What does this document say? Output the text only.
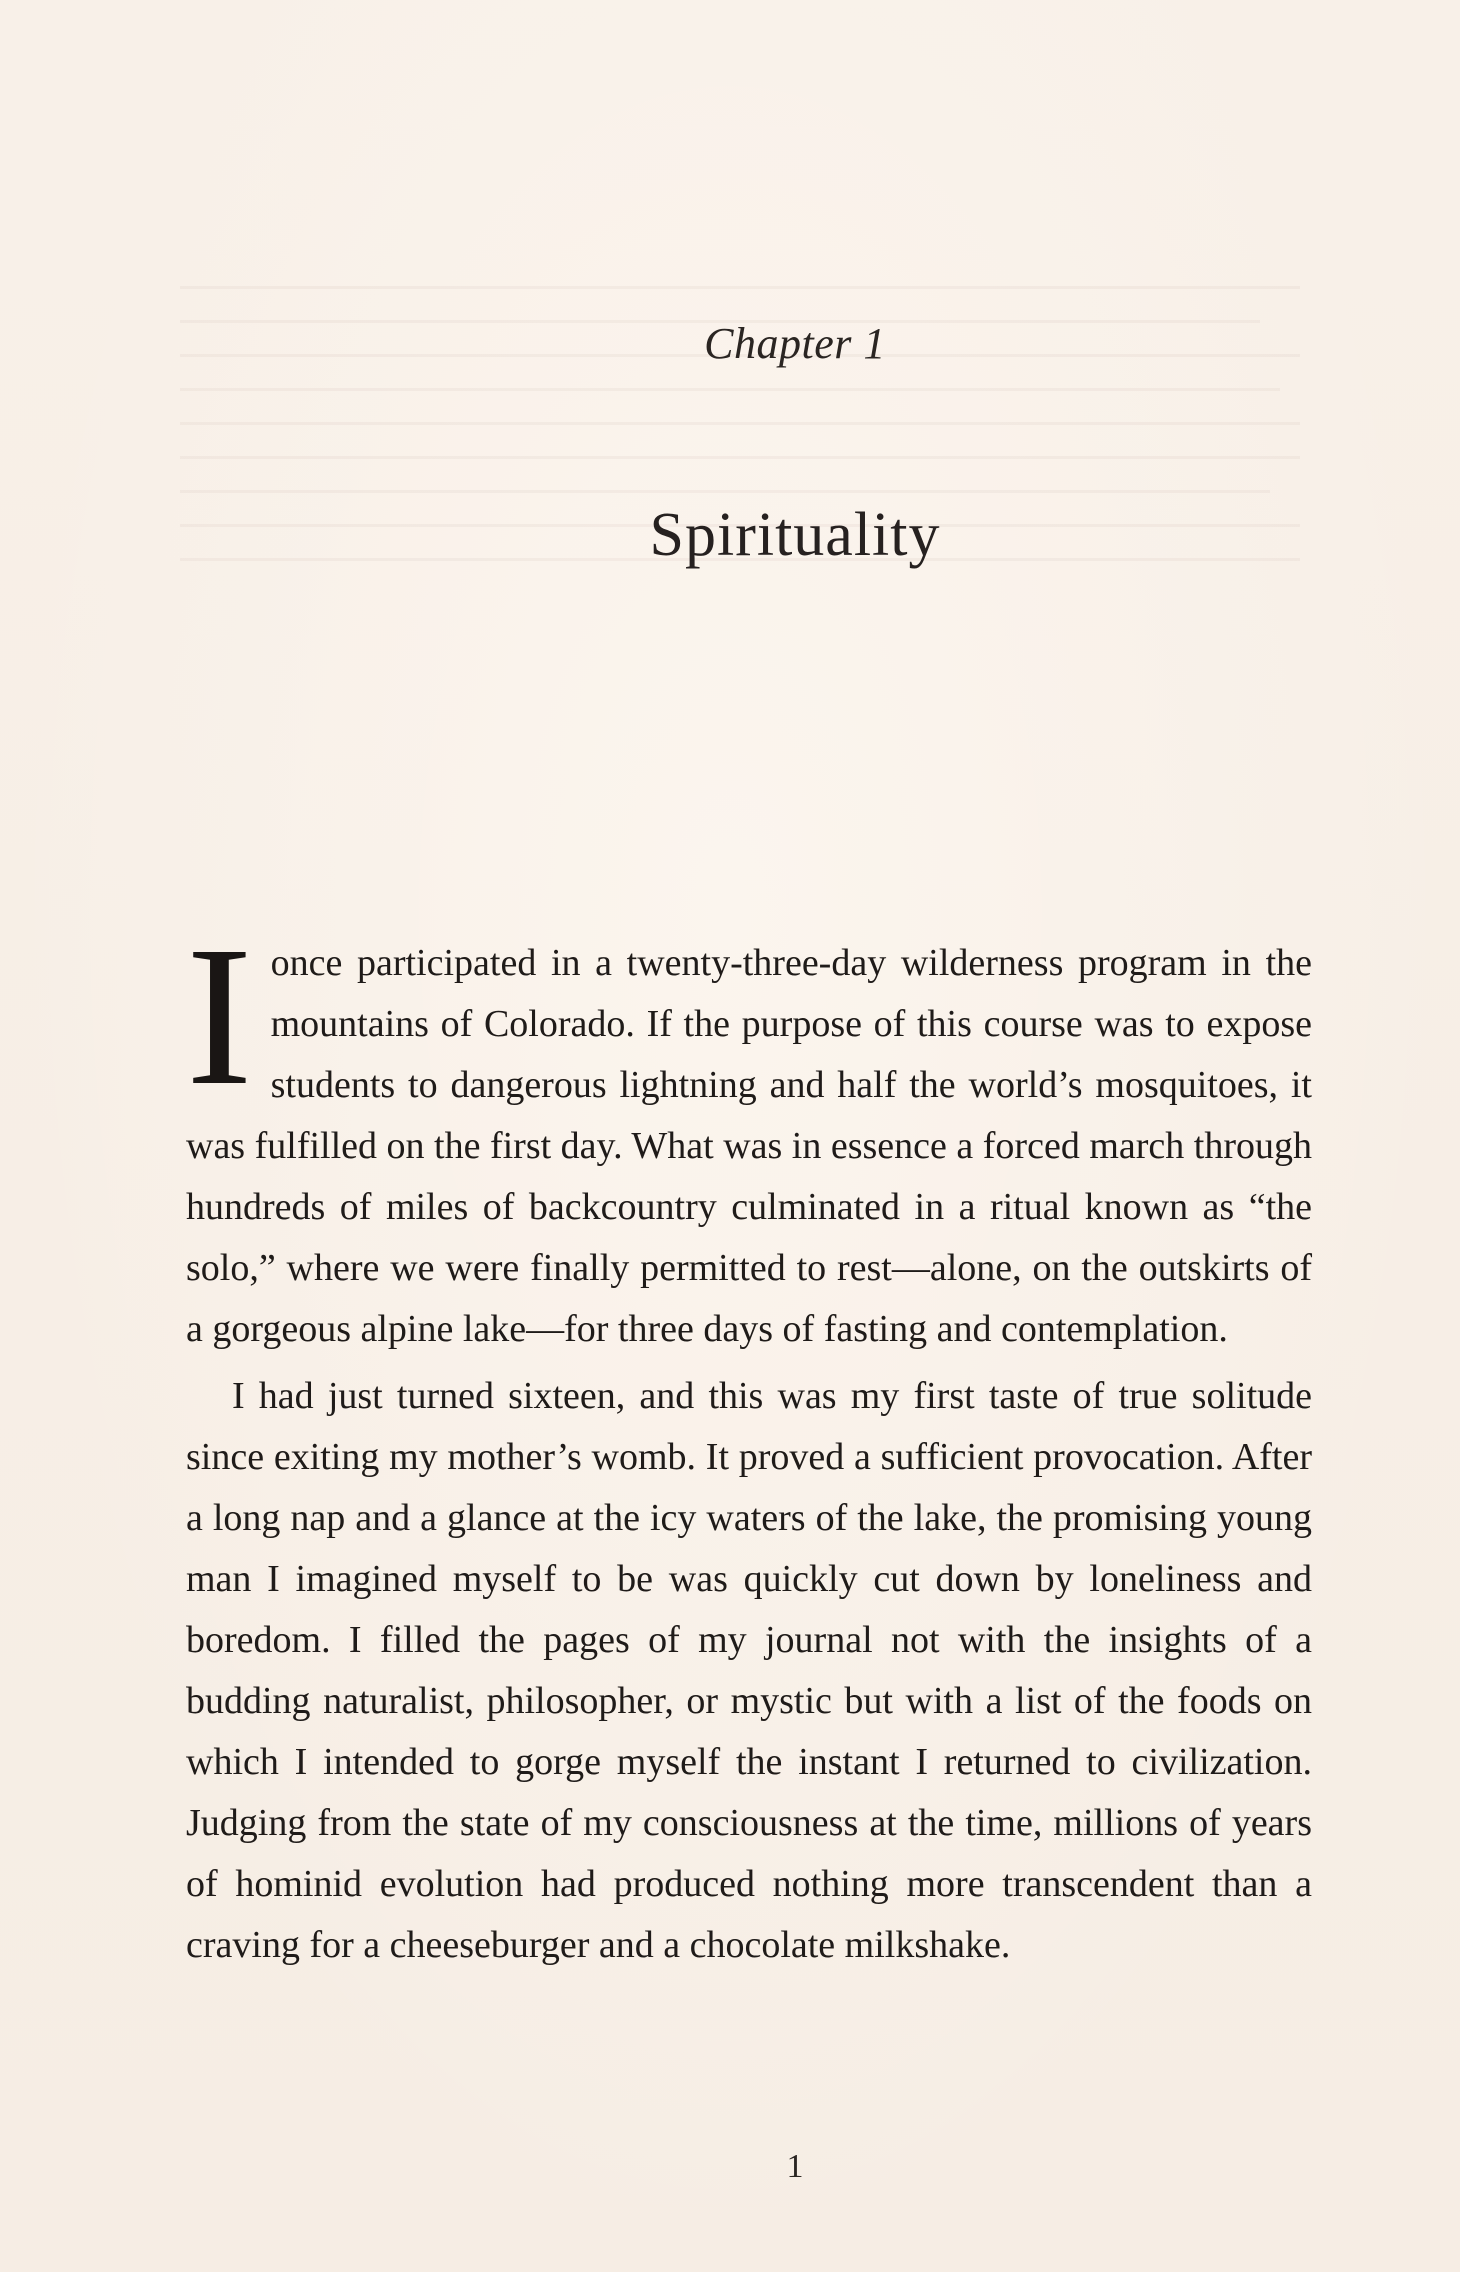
Chapter 1
Spirituality

I once participated in a twenty-three-day wilderness program in the mountains of Colorado. If the purpose of this course was to expose students to dangerous lightning and half the world’s mosquitoes, it was fulfilled on the first day. What was in essence a forced march through hundreds of miles of backcountry culminated in a ritual known as “the solo,” where we were finally permitted to rest—alone, on the outskirts of a gorgeous alpine lake—for three days of fasting and contemplation.

I had just turned sixteen, and this was my first taste of true solitude since exiting my mother’s womb. It proved a sufficient provocation. After a long nap and a glance at the icy waters of the lake, the promising young man I imagined myself to be was quickly cut down by loneliness and boredom. I filled the pages of my journal not with the insights of a budding naturalist, philosopher, or mystic but with a list of the foods on which I intended to gorge myself the instant I returned to civilization. Judging from the state of my consciousness at the time, millions of years of hominid evolution had produced nothing more transcendent than a craving for a cheeseburger and a chocolate milkshake.

1
